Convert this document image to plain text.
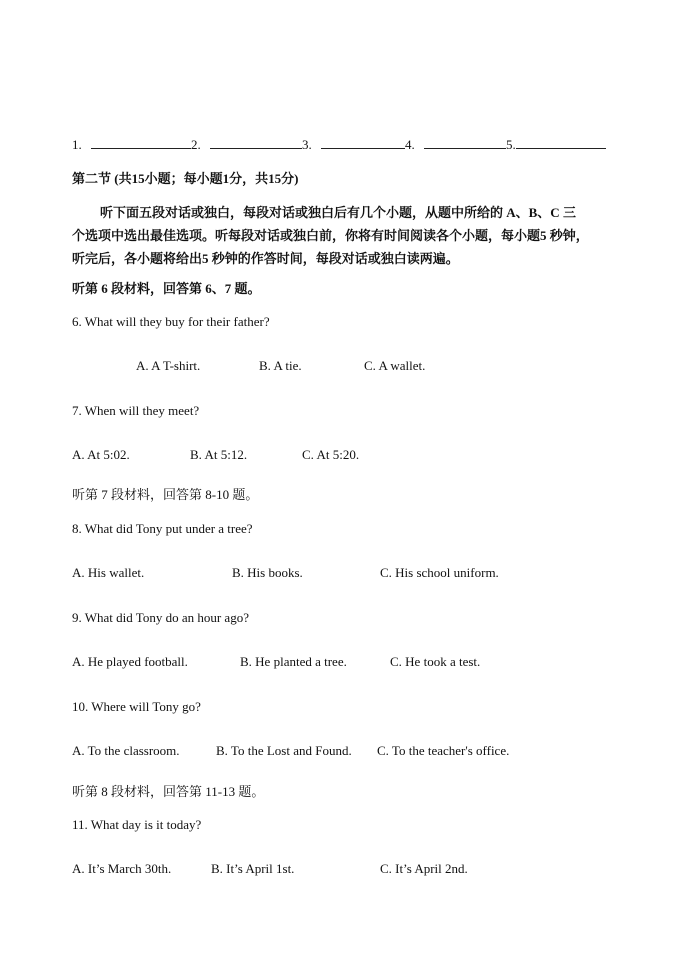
1.	2.	3.	4.	5.
第二节 (共15小题；每小题1分，共15分)
听下面五段对话或独白，每段对话或独白后有几个小题，从题中所给的 A、B、C 三
个选项中选出最佳选项。听每段对话或独白前，你将有时间阅读各个小题，每小题5 秒钟，
听完后，各小题将给出5 秒钟的作答时间，每段对话或独白读两遍。
听第 6 段材料，回答第 6、7 题。
6. What will they buy for their father?
A. A T-shirt.	B. A tie.	C. A wallet.
7. When will they meet?
A. At 5:02.	B. At 5:12.	C. At 5:20.
听第 7 段材料，回答第 8-10 题。
8. What did Tony put under a tree?
A. His wallet.	B. His books.	C. His school uniform.
9. What did Tony do an hour ago?
A. He played football.	B. He planted a tree.	C. He took a test.
10. Where will Tony go?
A. To the classroom.	B. To the Lost and Found. C. To the teacher's office.
听第 8 段材料，回答第 11-13 题。
11. What day is it today?
A. It’s March 30th.	B. It’s April 1st.	C. It’s April 2nd.
